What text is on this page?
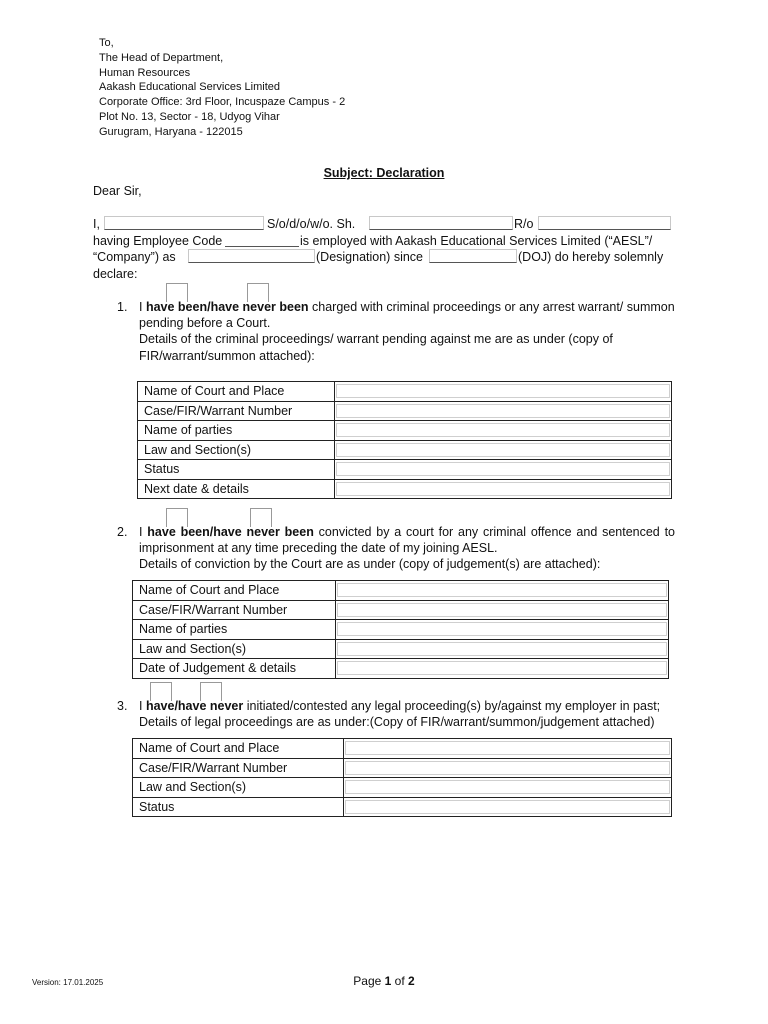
To,
The Head of Department,
Human Resources
Aakash Educational Services Limited
Corporate Office: 3rd Floor, Incuspaze Campus - 2
Plot No. 13, Sector - 18, Udyog Vihar
Gurugram, Haryana - 122015
Subject: Declaration
Dear Sir,
I,	S/o/d/o/w/o. Sh.	R/o
having Employee Code	is employed with Aakash Educational Services Limited (“AESL”/
“Company”) as	(Designation) since	(DOJ) do hereby solemnly
declare:
1. I have been/have never been charged with criminal proceedings or any arrest warrant/ summon
pending before a Court.
Details of the criminal proceedings/ warrant pending against me are as under (copy of
FIR/warrant/summon attached):
Name of Court and Place	

Case/FIR/Warrant Number	

Name of parties	

Law and Section(s)	

Status	

Next date & details	
2. I have been/have never been convicted by a court for any criminal offence and sentenced to
imprisonment at any time preceding the date of my joining AESL.
Details of conviction by the Court are as under (copy of judgement(s) are attached):
Name of Court and Place	

Case/FIR/Warrant Number	

Name of parties	

Law and Section(s)	

Date of Judgement & details	
3. I have/have never initiated/contested any legal proceeding(s) by/against my employer in past;
Details of legal proceedings are as under:(Copy of FIR/warrant/summon/judgement attached)
Name of Court and Place	

Case/FIR/Warrant Number	

Law and Section(s)	

Status	
Version: 17.01.2025	Page 1 of 2
